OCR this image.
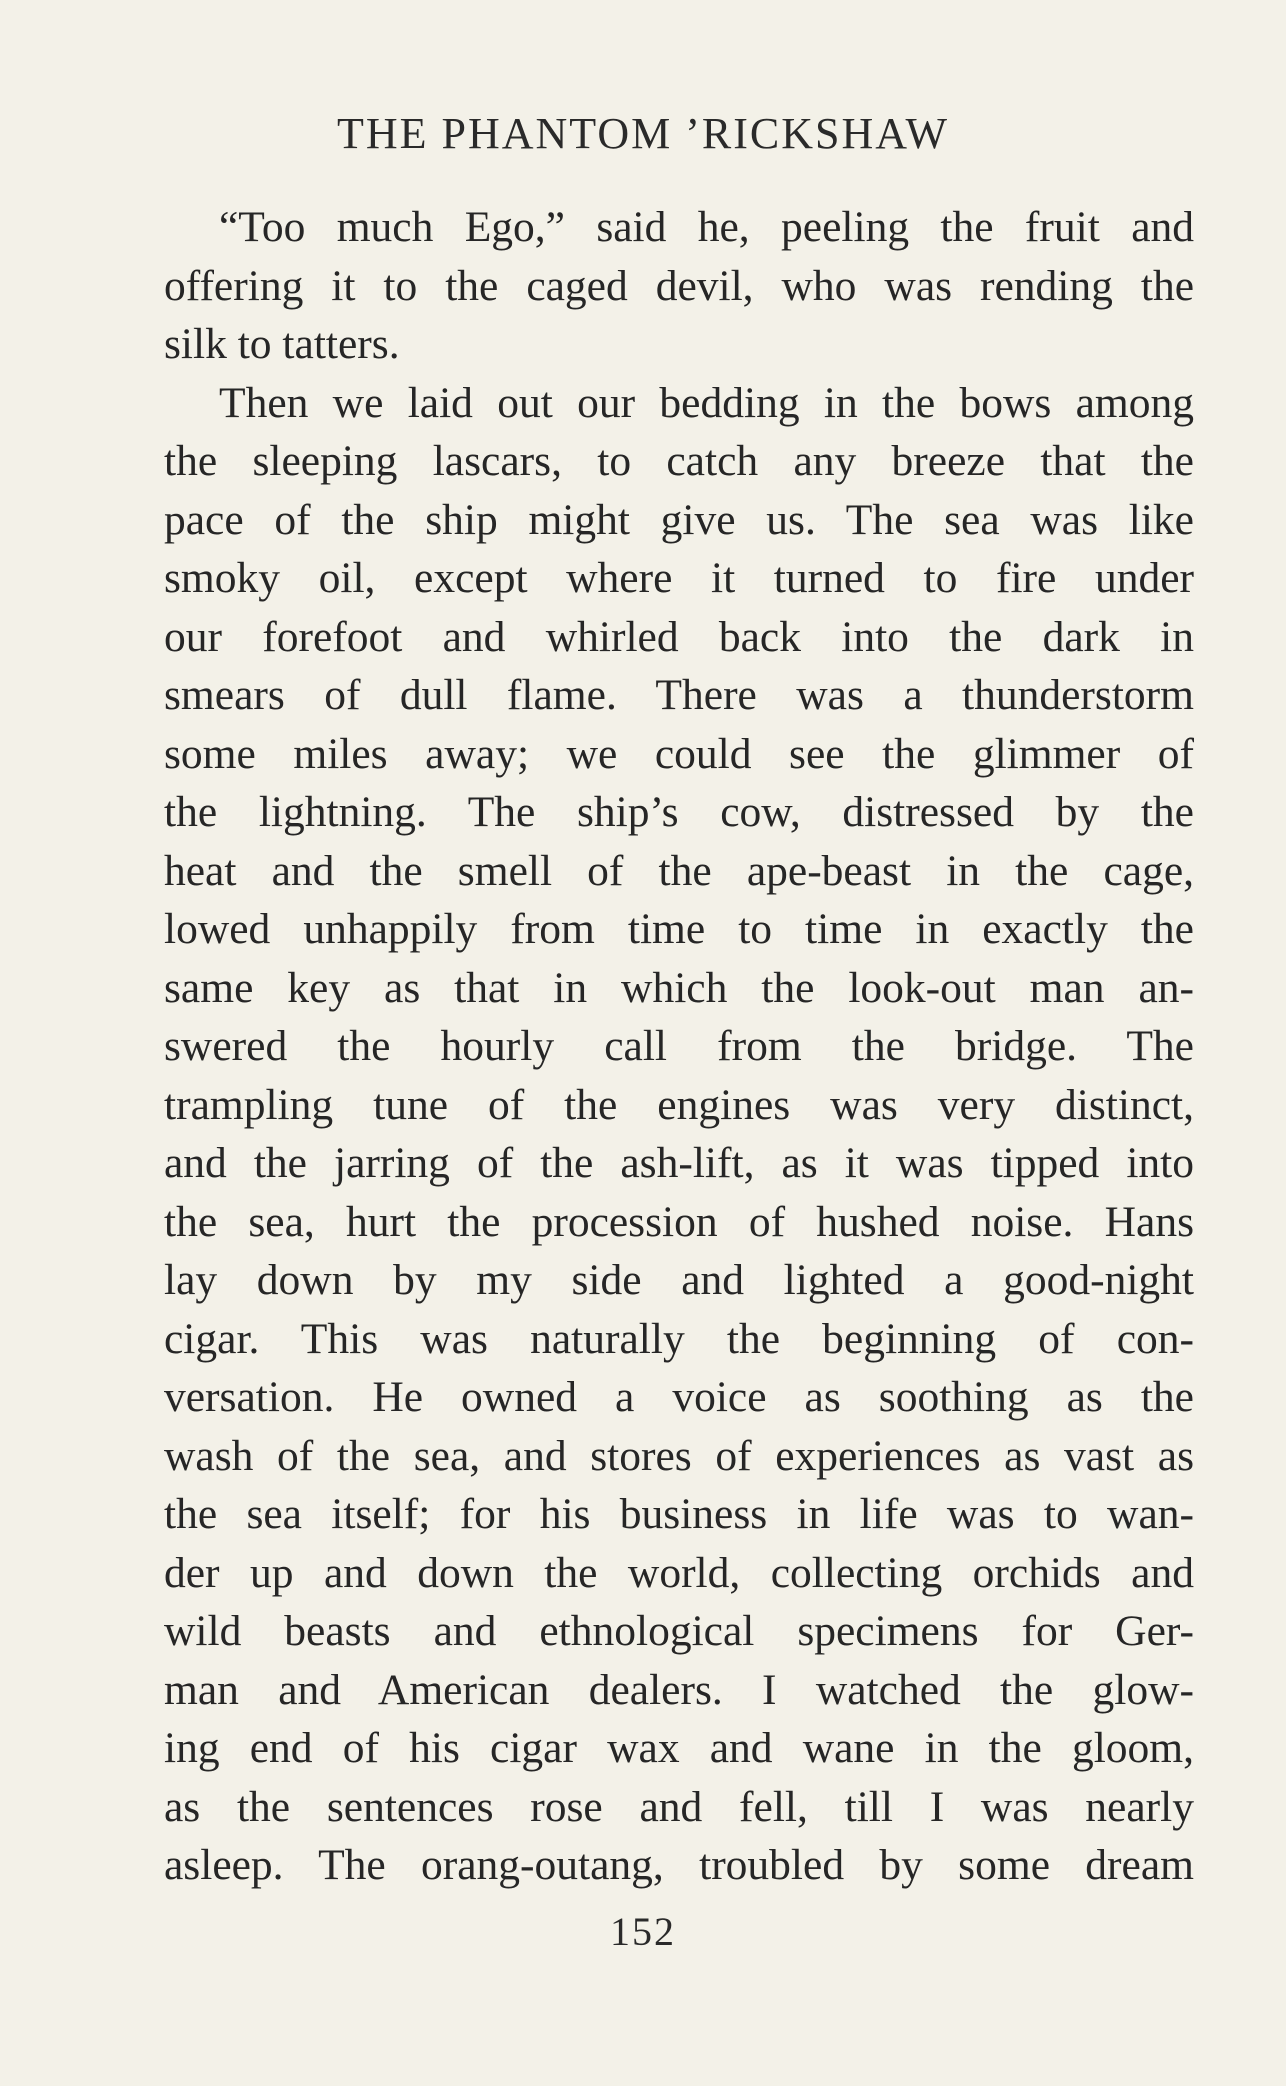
THE PHANTOM ’RICKSHAW
“Too much Ego,” said he, peeling the fruit and
offering it to the caged devil, who was rending the
silk to tatters.
Then we laid out our bedding in the bows among
the sleeping lascars, to catch any breeze that the
pace of the ship might give us. The sea was like
smoky oil, except where it turned to fire under
our forefoot and whirled back into the dark in
smears of dull flame. There was a thunderstorm
some miles away; we could see the glimmer of
the lightning. The ship’s cow, distressed by the
heat and the smell of the ape-beast in the cage,
lowed unhappily from time to time in exactly the
same key as that in which the look-out man an-
swered the hourly call from the bridge. The
trampling tune of the engines was very distinct,
and the jarring of the ash-lift, as it was tipped into
the sea, hurt the procession of hushed noise. Hans
lay down by my side and lighted a good-night
cigar. This was naturally the beginning of con-
versation. He owned a voice as soothing as the
wash of the sea, and stores of experiences as vast as
the sea itself; for his business in life was to wan-
der up and down the world, collecting orchids and
wild beasts and ethnological specimens for Ger-
man and American dealers. I watched the glow-
ing end of his cigar wax and wane in the gloom,
as the sentences rose and fell, till I was nearly
asleep. The orang-outang, troubled by some dream
152
